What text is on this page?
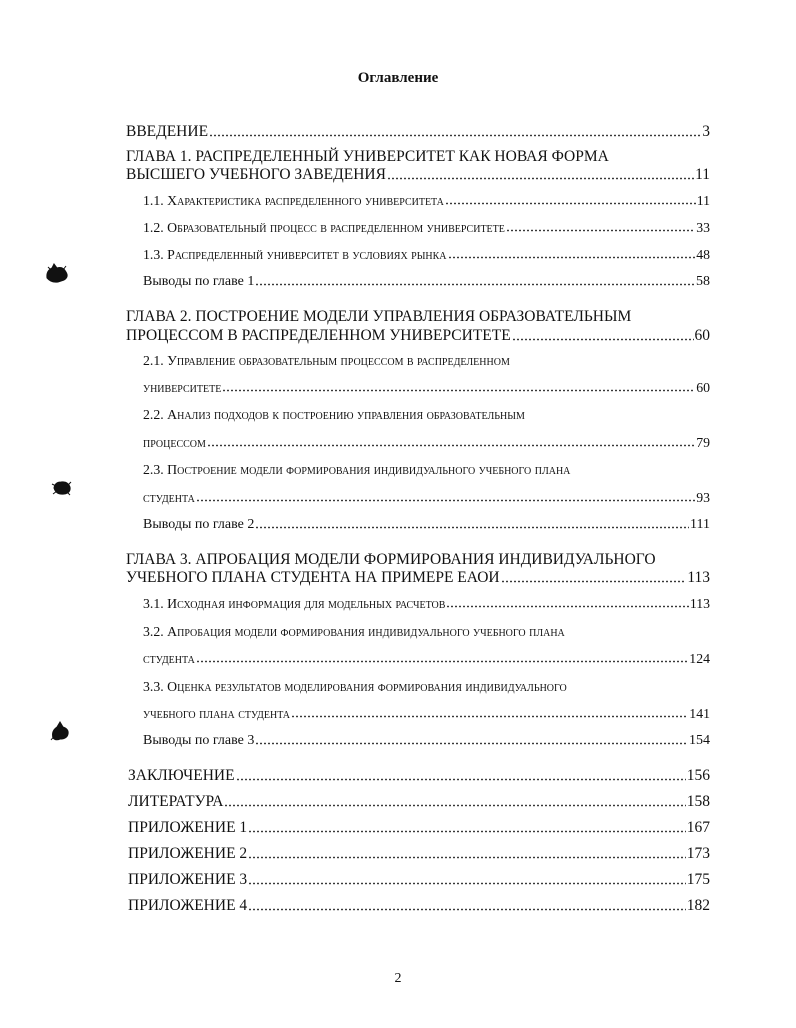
Оглавление
ВВЕДЕНИЕ	3
ГЛАВА 1. РАСПРЕДЕЛЕННЫЙ УНИВЕРСИТЕТ КАК НОВАЯ ФОРМА
ВЫСШЕГО УЧЕБНОГО ЗАВЕДЕНИЯ	11
1.1. Характеристика распределенного университета	11
1.2. Образовательный процесс в распределенном университете	33
1.3. Распределенный университет в условиях рынка	48
Выводы по главе 1	58
ГЛАВА 2. ПОСТРОЕНИЕ МОДЕЛИ УПРАВЛЕНИЯ ОБРАЗОВАТЕЛЬНЫМ
ПРОЦЕССОМ В РАСПРЕДЕЛЕННОМ УНИВЕРСИТЕТЕ	60
2.1. Управление образовательным процессом в распределенном
университете	60
2.2. Анализ подходов к построению управления образовательным
процессом	79
2.3. Построение модели формирования индивидуального учебного плана
студента	93
Выводы по главе 2	111
ГЛАВА 3. АПРОБАЦИЯ МОДЕЛИ ФОРМИРОВАНИЯ ИНДИВИДУАЛЬНОГО
УЧЕБНОГО ПЛАНА СТУДЕНТА НА ПРИМЕРЕ ЕАОИ	113
3.1. Исходная информация для модельных расчетов	113
3.2. Апробация модели формирования индивидуального учебного плана
студента	124
3.3. Оценка результатов моделирования формирования индивидуального
учебного плана студента	141
Выводы по главе 3	154
ЗАКЛЮЧЕНИЕ	156
ЛИТЕРАТУРА	158
ПРИЛОЖЕНИЕ 1	167
ПРИЛОЖЕНИЕ 2	173
ПРИЛОЖЕНИЕ 3	175
ПРИЛОЖЕНИЕ 4	182
2
